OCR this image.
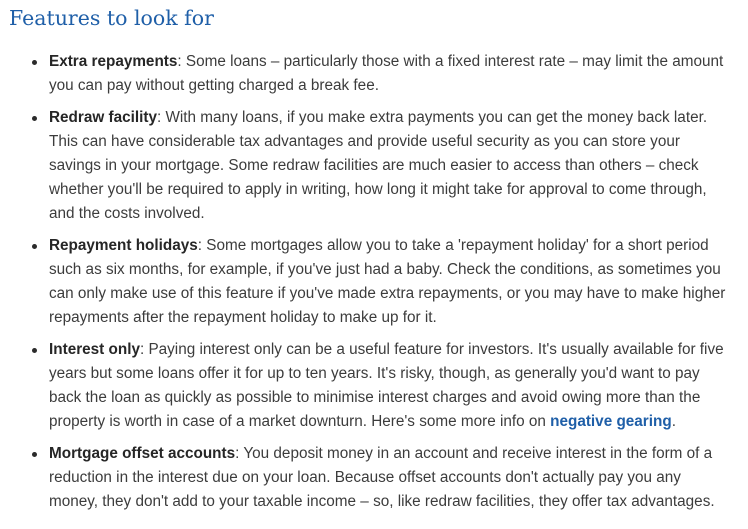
Features to look for
Extra repayments: Some loans – particularly those with a fixed interest rate – may limit the amount you can pay without getting charged a break fee.
Redraw facility: With many loans, if you make extra payments you can get the money back later. This can have considerable tax advantages and provide useful security as you can store your savings in your mortgage. Some redraw facilities are much easier to access than others – check whether you'll be required to apply in writing, how long it might take for approval to come through, and the costs involved.
Repayment holidays: Some mortgages allow you to take a 'repayment holiday' for a short period such as six months, for example, if you've just had a baby. Check the conditions, as sometimes you can only make use of this feature if you've made extra repayments, or you may have to make higher repayments after the repayment holiday to make up for it.
Interest only: Paying interest only can be a useful feature for investors. It's usually available for five years but some loans offer it for up to ten years. It's risky, though, as generally you'd want to pay back the loan as quickly as possible to minimise interest charges and avoid owing more than the property is worth in case of a market downturn. Here's some more info on negative gearing.
Mortgage offset accounts: You deposit money in an account and receive interest in the form of a reduction in the interest due on your loan. Because offset accounts don't actually pay you any money, they don't add to your taxable income – so, like redraw facilities, they offer tax advantages.
